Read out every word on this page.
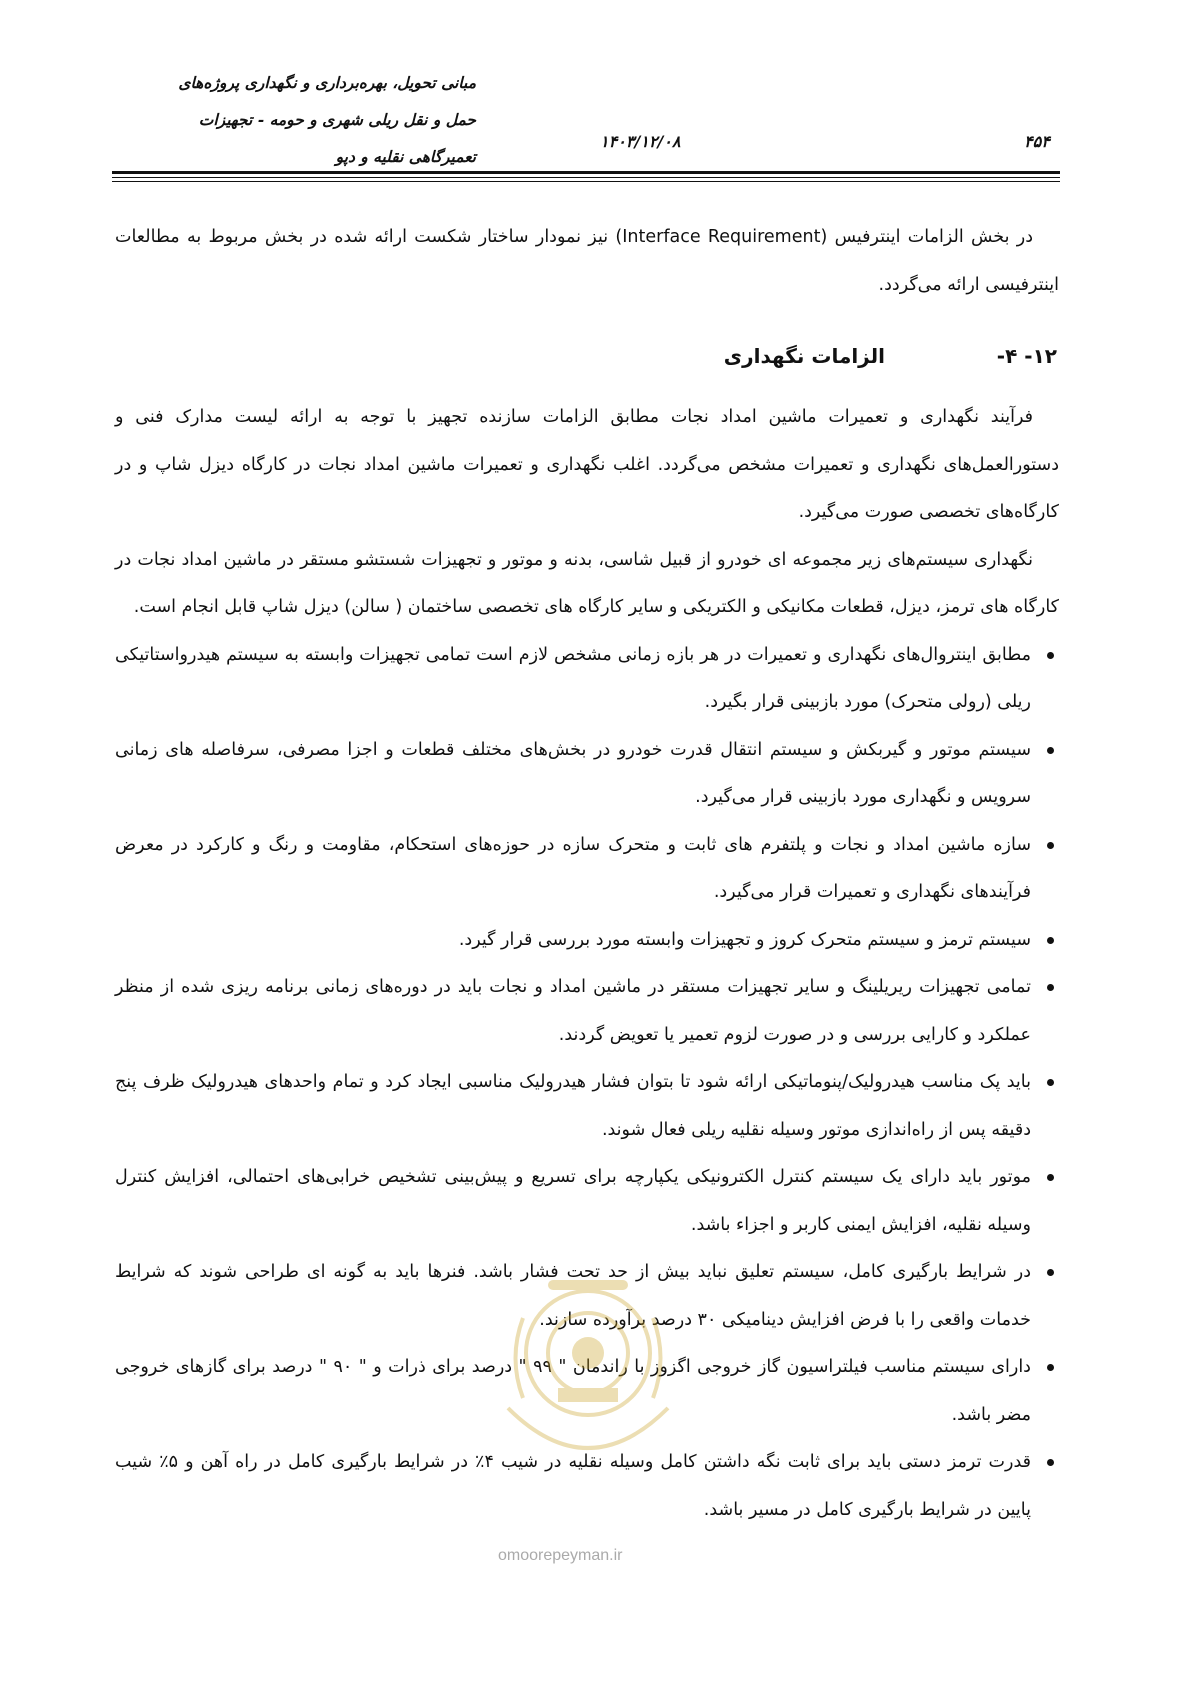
مبانی تحویل، بهره‌برداری و نگهداری پروژه‌های
حمل و نقل ریلی شهری و حومه - تجهیزات
تعمیرگاهی نقلیه و دپو
۱۴۰۳/۱۲/۰۸	۴۵۴

در بخش الزامات اینترفیس (Interface Requirement) نیز نمودار ساختار شکست ارائه شده در بخش مربوط به مطالعات اینترفیسی ارائه می‌گردد.

۱۲- ۴-
الزامات نگهداری

فرآیند نگهداری و تعمیرات ماشین امداد نجات مطابق الزامات سازنده تجهیز با توجه به ارائه لیست مدارک فنی و دستورالعمل‌های نگهداری و تعمیرات مشخص می‌گردد. اغلب نگهداری و تعمیرات ماشین امداد نجات در کارگاه دیزل شاپ و در کارگاه‌های تخصصی صورت می‌گیرد.

نگهداری سیستم‌های زیر مجموعه ای خودرو از قبیل شاسی، بدنه و موتور و تجهیزات شستشو مستقر در ماشین امداد نجات در کارگاه های ترمز، دیزل، قطعات مکانیکی و الکتریکی و سایر کارگاه های تخصصی ساختمان ( سالن) دیزل شاپ قابل انجام است.

مطابق اینتروال‌های نگهداری و تعمیرات در هر بازه زمانی مشخص لازم است تمامی تجهیزات وابسته به سیستم هیدرواستاتیکی ریلی (رولی متحرک) مورد بازبینی قرار بگیرد.
سیستم موتور و گیربکش و سیستم انتقال قدرت خودرو در بخش‌های مختلف قطعات و اجزا مصرفی، سرفاصله های زمانی سرویس و نگهداری مورد بازبینی قرار می‌گیرد.
سازه ماشین امداد و نجات و پلتفرم های ثابت و متحرک سازه در حوزه‌های استحکام، مقاومت و رنگ و کارکرد در معرض فرآیندهای نگهداری و تعمیرات قرار می‌گیرد.
سیستم ترمز و سیستم متحرک کروز و تجهیزات وابسته مورد بررسی قرار گیرد.
تمامی تجهیزات ریریلینگ و سایر تجهیزات مستقر در ماشین امداد و نجات باید در دوره‌های زمانی برنامه ریزی شده از منظر عملکرد و کارایی بررسی و در صورت لزوم تعمیر یا تعویض گردند.
باید پک مناسب هیدرولیک/پنوماتیکی ارائه شود تا بتوان فشار هیدرولیک مناسبی ایجاد کرد و تمام واحدهای هیدرولیک ظرف پنج دقیقه پس از راه‌اندازی موتور وسیله نقلیه ریلی فعال شوند.
موتور باید دارای یک سیستم کنترل الکترونیکی یکپارچه برای تسریع و پیش‌بینی تشخیص خرابی‌های احتمالی، افزایش کنترل وسیله نقلیه، افزایش ایمنی کاربر و اجزاء باشد.
در شرایط بارگیری کامل، سیستم تعلیق نباید بیش از حد تحت فشار باشد. فنرها باید به گونه ای طراحی شوند که شرایط خدمات واقعی را با فرض افزایش دینامیکی ۳۰ درصد برآورده سازند.
دارای سیستم مناسب فیلتراسیون گاز خروجی اگزوز با راندمان " ۹۹ " درصد برای ذرات و " ۹۰ " درصد برای گازهای خروجی مضر باشد.
قدرت ترمز دستی باید برای ثابت نگه داشتن کامل وسیله نقلیه در شیب ۴٪ در شرایط بارگیری کامل در راه آهن و ۵٪ شیب پایین در شرایط بارگیری کامل در مسیر باشد.
omoorepeyman.ir
